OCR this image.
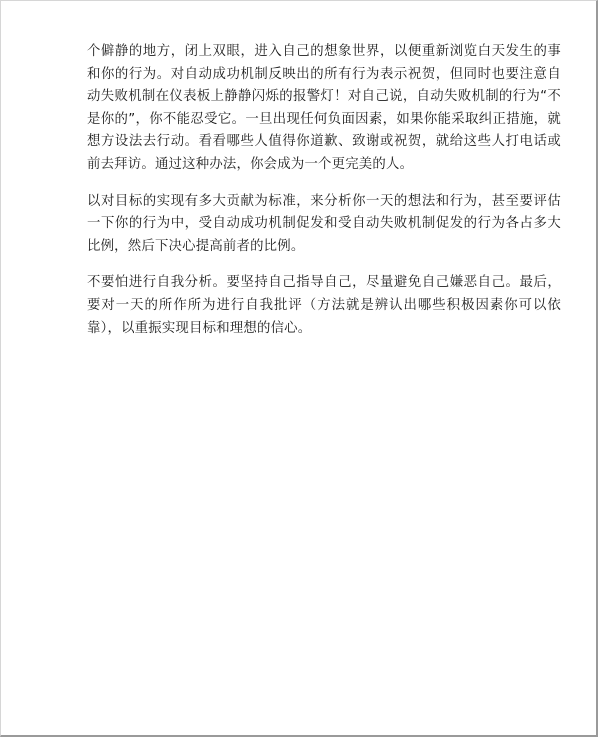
个僻静的地方，闭上双眼，进入自己的想象世界，以便重新浏览白天发生的事和你的行为。对自动成功机制反映出的所有行为表示祝贺，但同时也要注意自动失败机制在仪表板上静静闪烁的报警灯！对自己说，自动失败机制的行为“不是你的”，你不能忍受它。一旦出现任何负面因素，如果你能采取纠正措施，就想方设法去行动。看看哪些人值得你道歉、致谢或祝贺，就给这些人打电话或前去拜访。通过这种办法，你会成为一个更完美的人。

以对目标的实现有多大贡献为标准，来分析你一天的想法和行为，甚至要评估一下你的行为中，受自动成功机制促发和受自动失败机制促发的行为各占多大比例，然后下决心提高前者的比例。

不要怕进行自我分析。要坚持自己指导自己，尽量避免自己嫌恶自己。最后，要对一天的所作所为进行自我批评（方法就是辨认出哪些积极因素你可以依靠），以重振实现目标和理想的信心。
